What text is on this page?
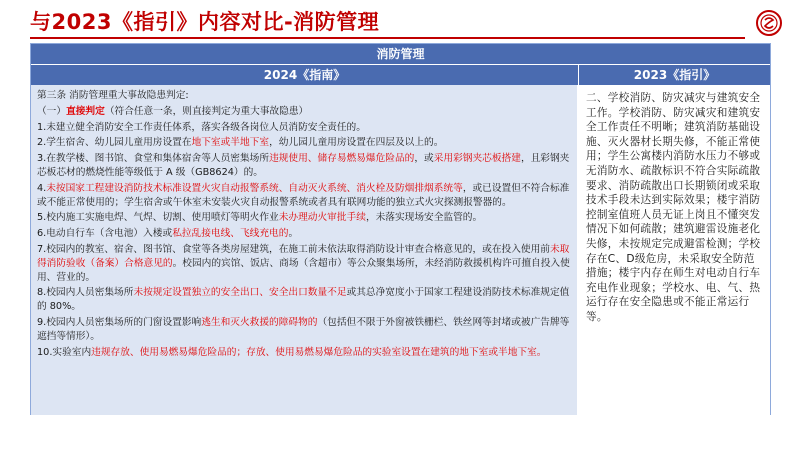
与2023《指引》内容对比-消防管理
消防管理
2024《指南》	2023《指引》
第三条 消防管理重大事故隐患判定:
（一）直接判定（符合任意一条，则直接判定为重大事故隐患）
1.未建立健全消防安全工作责任体系，落实各级各岗位人员消防安全责任的。
2.学生宿舍、幼儿园儿童用房设置在地下室或半地下室，幼儿园儿童用房设置在四层及以上的。
3.在教学楼、图书馆、食堂和集体宿舍等人员密集场所违规使用、储存易燃易爆危险品的，或采用彩钢夹芯板搭建，且彩钢夹芯板芯材的燃烧性能等级低于 A 级（GB8624）的。
4.未按国家工程建设消防技术标准设置火灾自动报警系统、自动灭火系统、消火栓及防烟排烟系统等，或已设置但不符合标准或不能正常使用的；学生宿舍或午休室未安装火灾自动报警系统或者具有联网功能的独立式火灾探测报警器的。
5.校内施工实施电焊、气焊、切割、使用喷灯等明火作业未办理动火审批手续，未落实现场安全监管的。
6.电动自行车（含电池）入楼或私拉乱接电线、飞线充电的。
7.校园内的教室、宿舍、图书馆、食堂等各类房屋建筑，在施工前未依法取得消防设计审查合格意见的，或在投入使用前未取得消防验收（备案）合格意见的。校园内的宾馆、饭店、商场（含超市）等公众聚集场所，未经消防救援机构许可擅自投入使用、营业的。
8.校园内人员密集场所未按规定设置独立的安全出口、安全出口数量不足或其总净宽度小于国家工程建设消防技术标准规定值的 80%。
9.校园内人员密集场所的门窗设置影响逃生和灭火救援的障碍物的（包括但不限于外窗被铁栅栏、铁丝网等封堵或被广告牌等遮挡等情形）。
10.实验室内违规存放、使用易燃易爆危险品的；存放、使用易燃易爆危险品的实验室设置在建筑的地下室或半地下室。
二、学校消防、防灾减灾与建筑安全工作。学校消防、防灾减灾和建筑安全工作责任不明晰；建筑消防基础设施、灭火器材长期失修，不能正常使用；学生公寓楼内消防水压力不够或无消防水、疏散标识不符合实际疏散要求、消防疏散出口长期锁闭或采取技术手段未达到实际效果；楼宇消防控制室值班人员无证上岗且不懂突发情况下如何疏散；建筑避雷设施老化失修，未按规定完成避雷检测；学校存在C、D级危房，未采取安全防范措施；楼宇内存在师生对电动自行车充电作业现象；学校水、电、气、热运行存在安全隐患或不能正常运行等。
